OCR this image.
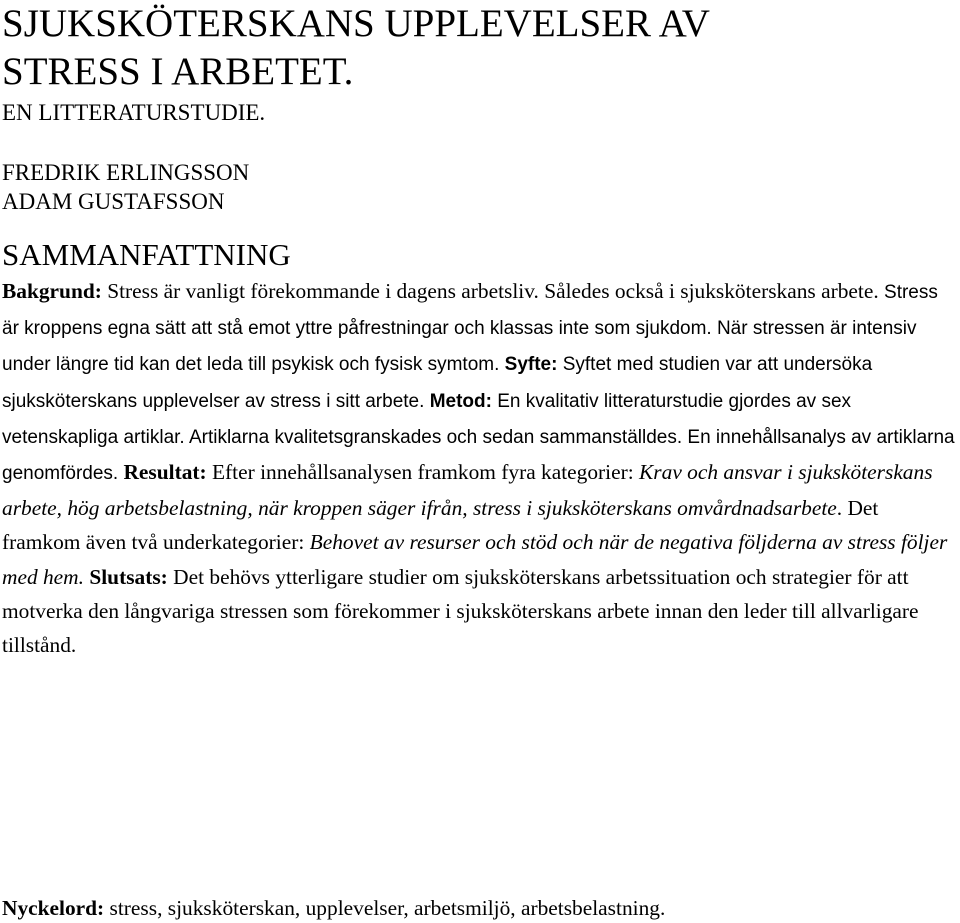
SJUKSKÖTERSKANS UPPLEVELSER AV
STRESS I ARBETET.
EN LITTERATURSTUDIE.
FREDRIK ERLINGSSON
ADAM GUSTAFSSON
SAMMANFATTNING
Bakgrund: Stress är vanligt förekommande i dagens arbetsliv. Således också i sjuksköterskans arbete. Stress är kroppens egna sätt att stå emot yttre påfrestningar och klassas inte som sjukdom. När stressen är intensiv under längre tid kan det leda till psykisk och fysisk symtom. Syfte: Syftet med studien var att undersöka sjuksköterskans upplevelser av stress i sitt arbete. Metod: En kvalitativ litteraturstudie gjordes av sex vetenskapliga artiklar. Artiklarna kvalitetsgranskades och sedan sammanställdes. En innehållsanalys av artiklarna genomfördes. Resultat: Efter innehållsanalysen framkom fyra kategorier: Krav och ansvar i sjuksköterskans arbete, hög arbetsbelastning, när kroppen säger ifrån, stress i sjuksköterskans omvårdnadsarbete. Det framkom även två underkategorier: Behovet av resurser och stöd och när de negativa följderna av stress följer med hem. Slutsats: Det behövs ytterligare studier om sjuksköterskans arbetssituation och strategier för att motverka den långvariga stressen som förekommer i sjuksköterskans arbete innan den leder till allvarligare tillstånd.
Nyckelord: stress, sjuksköterskan, upplevelser, arbetsmiljö, arbetsbelastning.
